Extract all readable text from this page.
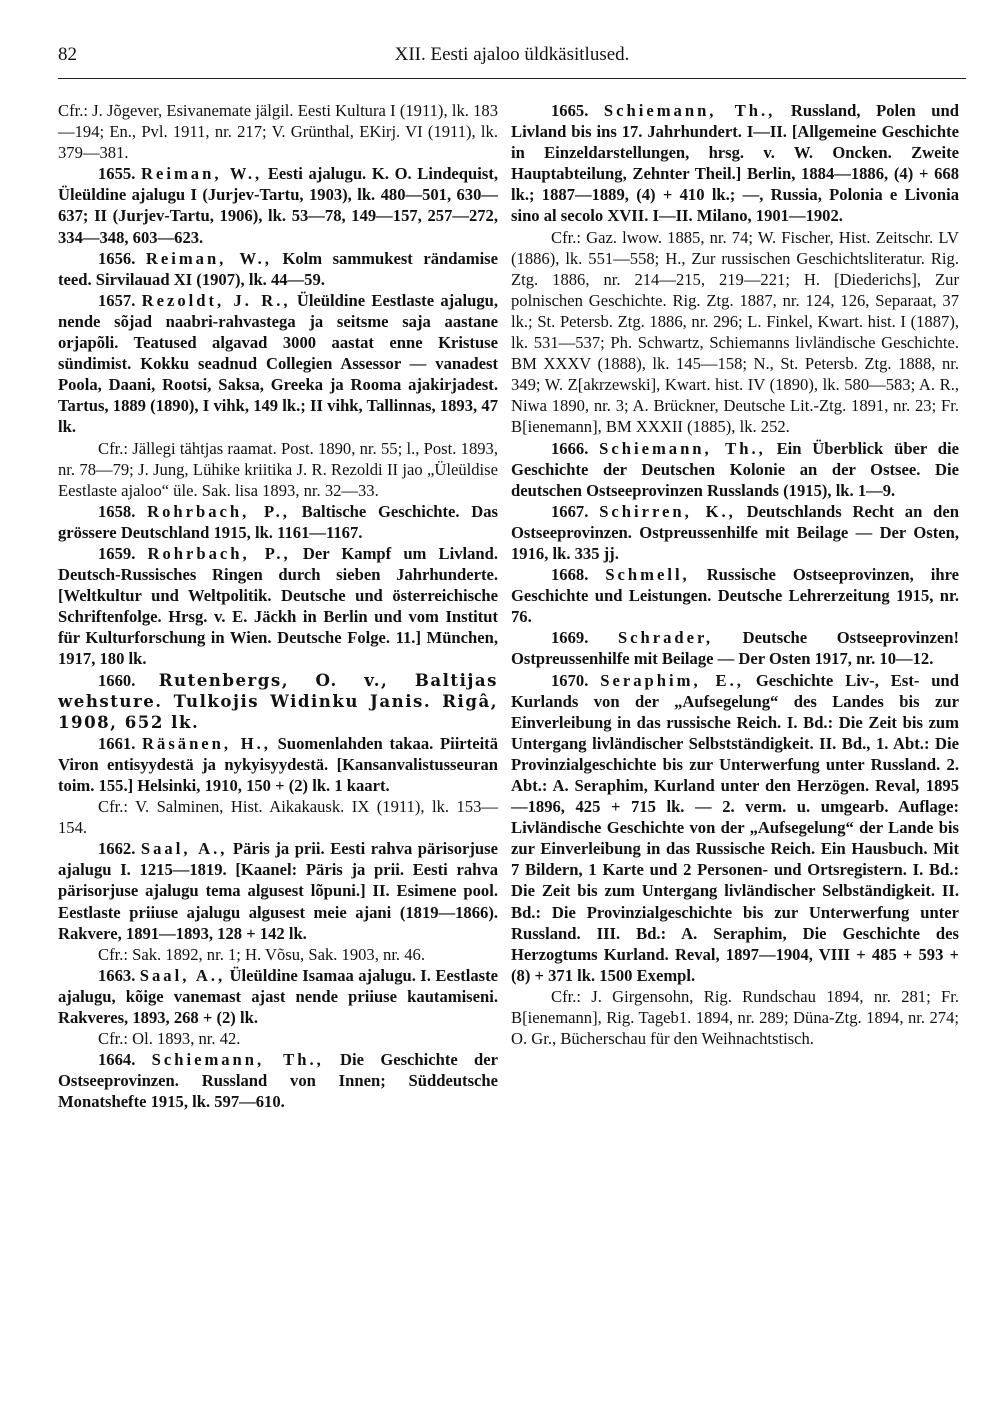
82	XII. Eesti ajaloo üldkäsitlused.

Cfr.: J. Jõgever, Esivanemate jälgil. Eesti Kultura I (1911), lk. 183—194; En., Pvl. 1911, nr. 217; V. Grünthal, EKirj. VI (1911), lk. 379—381.

1655. Reiman, W., Eesti ajalugu. K. O. Lindequist, Üleüldine ajalugu I (Jurjev-Tartu, 1903), lk. 480—501, 630—637; II (Jurjev-Tartu, 1906), lk. 53—78, 149—157, 257—272, 334—348, 603—623.

1656. Reiman, W., Kolm sammukest rändamise teed. Sirvilauad XI (1907), lk. 44—59.

1657. Rezoldt, J. R., Üleüldine Eestlaste ajalugu, nende sõjad naabri-rahvastega ja seitsme saja aastane orjapõli. Teatused algavad 3000 aastat enne Kristuse sündimist. Kokku seadnud Collegien Assessor — vanadest Poola, Daani, Rootsi, Saksa, Greeka ja Rooma ajakirjadest. Tartus, 1889 (1890), I vihk, 149 lk.; II vihk, Tallinnas, 1893, 47 lk.

Cfr.: Jällegi tähtjas raamat. Post. 1890, nr. 55; l., Post. 1893, nr. 78—79; J. Jung, Lühike kriitika J. R. Rezoldi II jao „Üleüldise Eestlaste ajaloo“ üle. Sak. lisa 1893, nr. 32—33.

1658. Rohrbach, P., Baltische Geschichte. Das grössere Deutschland 1915, lk. 1161—1167.

1659. Rohrbach, P., Der Kampf um Livland. Deutsch-Russisches Ringen durch sieben Jahrhunderte. [Weltkultur und Weltpolitik. Deutsche und österreichische Schriftenfolge. Hrsg. v. E. Jäckh in Berlin und vom Institut für Kulturforschung in Wien. Deutsche Folge. 11.] München, 1917, 180 lk.

1660. Rutenbergs, O. v., Baltijas wehsture. Tulkojis Widinku Janis. Rigâ, 1908, 652 lk.

1661. Räsänen, H., Suomenlahden takaa. Piirteitä Viron entisyydestä ja nykyisyydestä. [Kansanvalistusseuran toim. 155.] Helsinki, 1910, 150 + (2) lk. 1 kaart.

Cfr.: V. Salminen, Hist. Aikakausk. IX (1911), lk. 153—154.

1662. Saal, A., Päris ja prii. Eesti rahva pärisorjuse ajalugu I. 1215—1819. [Kaanel: Päris ja prii. Eesti rahva pärisorjuse ajalugu tema algusest lõpuni.] II. Esimene pool. Eestlaste priiuse ajalugu algusest meie ajani (1819—1866). Rakvere, 1891—1893, 128 + 142 lk.

Cfr.: Sak. 1892, nr. 1; H. Võsu, Sak. 1903, nr. 46.

1663. Saal, A., Üleüldine Isamaa ajalugu. I. Eestlaste ajalugu, kõige vanemast ajast nende priiuse kautamiseni. Rakveres, 1893, 268 + (2) lk.

Cfr.: Ol. 1893, nr. 42.

1664. Schiemann, Th., Die Geschichte der Ostseeprovinzen. Russland von Innen; Süddeutsche Monatshefte 1915, lk. 597—610.

1665. Schiemann, Th., Russland, Polen und Livland bis ins 17. Jahrhundert. I—II. [Allgemeine Geschichte in Einzeldarstellungen, hrsg. v. W. Oncken. Zweite Hauptabteilung, Zehnter Theil.] Berlin, 1884—1886, (4) + 668 lk.; 1887—1889, (4) + 410 lk.; —, Russia, Polonia e Livonia sino al secolo XVII. I—II. Milano, 1901—1902.

Cfr.: Gaz. lwow. 1885, nr. 74; W. Fischer, Hist. Zeitschr. LV (1886), lk. 551—558; H., Zur russischen Geschichtsliteratur. Rig. Ztg. 1886, nr. 214—215, 219—221; H. [Diederichs], Zur polnischen Geschichte. Rig. Ztg. 1887, nr. 124, 126, Separaat, 37 lk.; St. Petersb. Ztg. 1886, nr. 296; L. Finkel, Kwart. hist. I (1887), lk. 531—537; Ph. Schwartz, Schiemanns livländische Geschichte. BM XXXV (1888), lk. 145—158; N., St. Petersb. Ztg. 1888, nr. 349; W. Z[akrzewski], Kwart. hist. IV (1890), lk. 580—583; A. R., Niwa 1890, nr. 3; A. Brückner, Deutsche Lit.-Ztg. 1891, nr. 23; Fr. B[ienemann], BM XXXII (1885), lk. 252.

1666. Schiemann, Th., Ein Überblick über die Geschichte der Deutschen Kolonie an der Ostsee. Die deutschen Ostseeprovinzen Russlands (1915), lk. 1—9.

1667. Schirren, K., Deutschlands Recht an den Ostseeprovinzen. Ostpreussenhilfe mit Beilage — Der Osten, 1916, lk. 335 jj.

1668. Schmell, Russische Ostseeprovinzen, ihre Geschichte und Leistungen. Deutsche Lehrerzeitung 1915, nr. 76.

1669. Schrader, Deutsche Ostseeprovinzen! Ostpreussenhilfe mit Beilage — Der Osten 1917, nr. 10—12.

1670. Seraphim, E., Geschichte Liv-, Est- und Kurlands von der „Aufsegelung“ des Landes bis zur Einverleibung in das russische Reich. I. Bd.: Die Zeit bis zum Untergang livländischer Selbstständigkeit. II. Bd., 1. Abt.: Die Provinzialgeschichte bis zur Unterwerfung unter Russland. 2. Abt.: A. Seraphim, Kurland unter den Herzögen. Reval, 1895—1896, 425 + 715 lk. — 2. verm. u. umgearb. Auflage: Livländische Geschichte von der „Aufsegelung“ der Lande bis zur Einverleibung in das Russische Reich. Ein Hausbuch. Mit 7 Bildern, 1 Karte und 2 Personen- und Ortsregistern. I. Bd.: Die Zeit bis zum Untergang livländischer Selbständigkeit. II. Bd.: Die Provinzialgeschichte bis zur Unterwerfung unter Russland. III. Bd.: A. Seraphim, Die Geschichte des Herzogtums Kurland. Reval, 1897—1904, VIII + 485 + 593 + (8) + 371 lk. 1500 Exempl.

Cfr.: J. Girgensohn, Rig. Rundschau 1894, nr. 281; Fr. B[ienemann], Rig. Tageb1. 1894, nr. 289; Düna-Ztg. 1894, nr. 274; O. Gr., Bücherschau für den Weihnachtstisch.
